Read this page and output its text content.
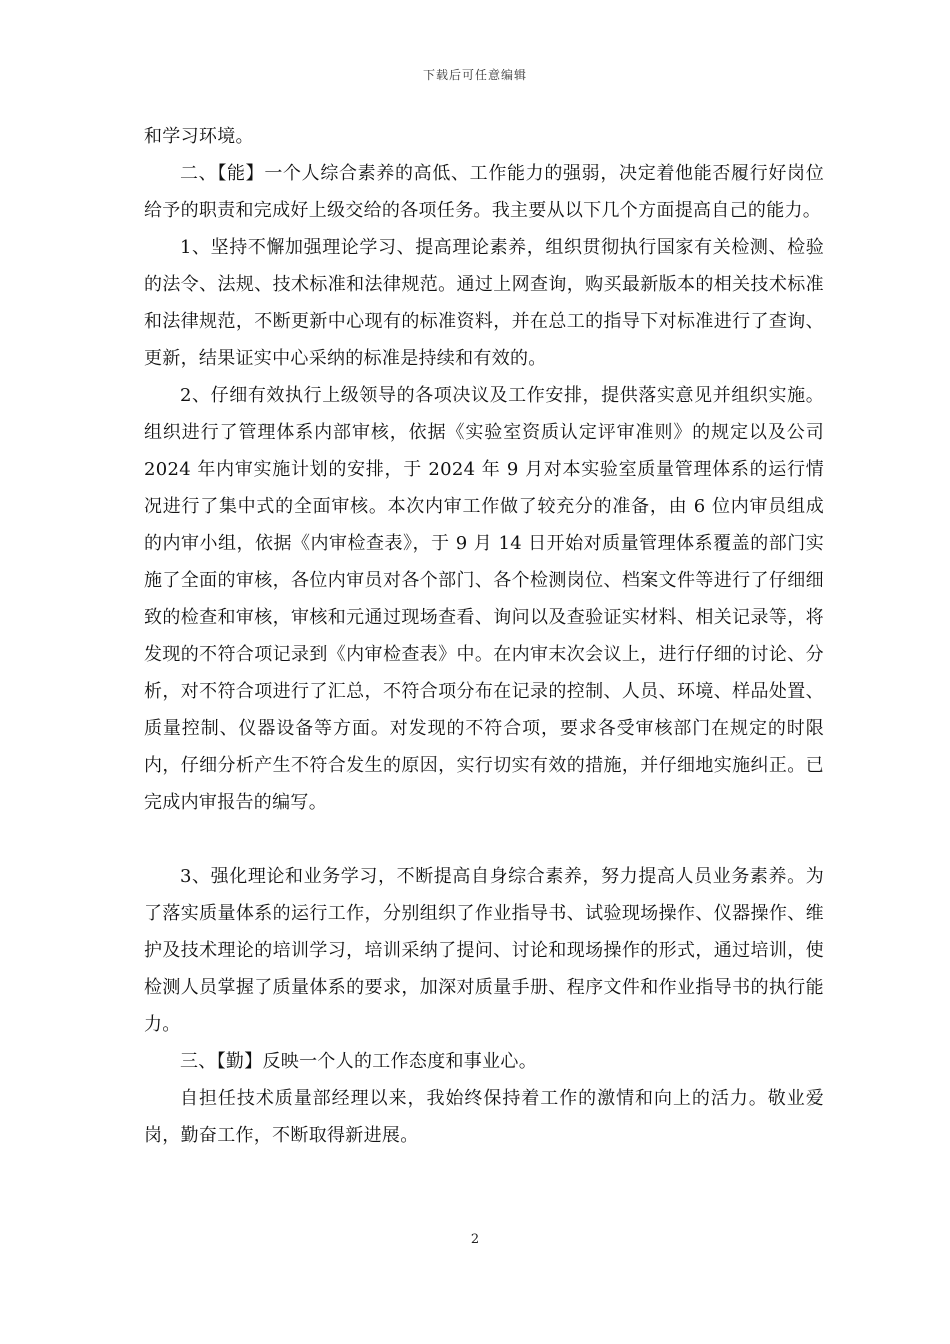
下载后可任意编辑

和学习环境。

二、【能】一个人综合素养的高低、工作能力的强弱，决定着他能否履行好岗位给予的职责和完成好上级交给的各项任务。我主要从以下几个方面提高自己的能力。

1、坚持不懈加强理论学习、提高理论素养，组织贯彻执行国家有关检测、检验的法令、法规、技术标准和法律规范。通过上网查询，购买最新版本的相关技术标准和法律规范，不断更新中心现有的标准资料，并在总工的指导下对标准进行了查询、更新，结果证实中心采纳的标准是持续和有效的。

2、仔细有效执行上级领导的各项决议及工作安排，提供落实意见并组织实施。组织进行了管理体系内部审核，依据《实验室资质认定评审准则》的规定以及公司 2024 年内审实施计划的安排，于 2024 年 9 月对本实验室质量管理体系的运行情况进行了集中式的全面审核。本次内审工作做了较充分的准备，由 6 位内审员组成的内审小组，依据《内审检查表》，于 9 月 14 日开始对质量管理体系覆盖的部门实施了全面的审核，各位内审员对各个部门、各个检测岗位、档案文件等进行了仔细细致的检查和审核，审核和元通过现场查看、询问以及查验证实材料、相关记录等，将发现的不符合项记录到《内审检查表》中。在内审末次会议上，进行仔细的讨论、分析，对不符合项进行了汇总，不符合项分布在记录的控制、人员、环境、样品处置、质量控制、仪器设备等方面。对发现的不符合项，要求各受审核部门在规定的时限内，仔细分析产生不符合发生的原因，实行切实有效的措施，并仔细地实施纠正。已完成内审报告的编写。

3、强化理论和业务学习，不断提高自身综合素养，努力提高人员业务素养。为了落实质量体系的运行工作，分别组织了作业指导书、试验现场操作、仪器操作、维护及技术理论的培训学习，培训采纳了提问、讨论和现场操作的形式，通过培训，使检测人员掌握了质量体系的要求，加深对质量手册、程序文件和作业指导书的执行能力。

三、【勤】反映一个人的工作态度和事业心。

自担任技术质量部经理以来，我始终保持着工作的激情和向上的活力。敬业爱岗，勤奋工作，不断取得新进展。

2
